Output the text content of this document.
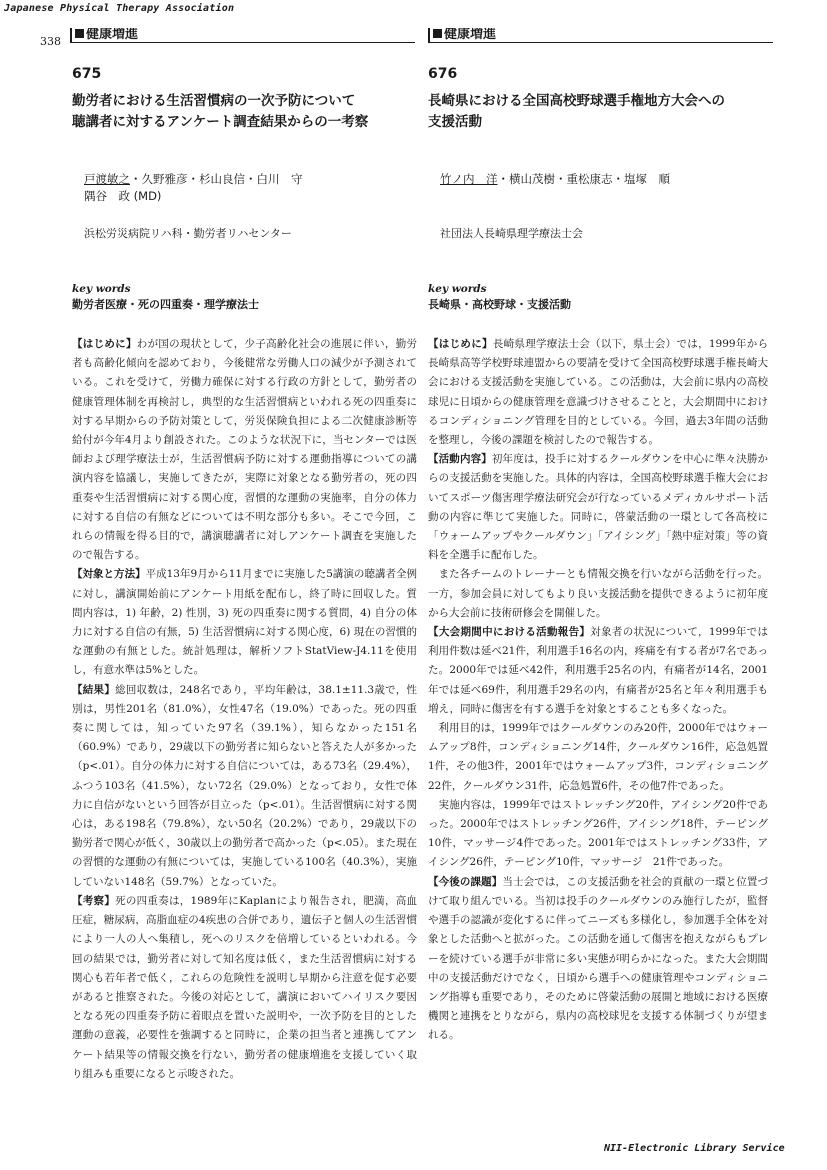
Japanese Physical Therapy Association
338	健康増進	健康増進
675
勤労者における生活習慣病の一次予防について
聴講者に対するアンケート調査結果からの一考察
戸渡敏之・久野雅彦・杉山良信・白川　守
隅谷　政 (MD)
浜松労災病院リハ科・勤労者リハセンター
key words
勤労者医療・死の四重奏・理学療法士

【はじめに】わが国の現状として，少子高齢化社会の進展に伴い，勤労者も高齢化傾向を認めており，今後健常な労働人口の減少が予測されている。これを受けて，労働力確保に対する行政の方針として，勤労者の健康管理体制を再検討し，典型的な生活習慣病といわれる死の四重奏に対する早期からの予防対策として，労災保険負担による二次健康診断等給付が今年4月より創設された。このような状況下に，当センターでは医師および理学療法士が，生活習慣病予防に対する運動指導についての講演内容を協議し，実施してきたが，実際に対象となる勤労者の，死の四重奏や生活習慣病に対する関心度，習慣的な運動の実施率，自分の体力に対する自信の有無などについては不明な部分も多い。そこで今回，これらの情報を得る目的で，講演聴講者に対しアンケート調査を実施したので報告する。

【対象と方法】平成13年9月から11月までに実施した5講演の聴講者全例に対し，講演開始前にアンケート用紙を配布し，終了時に回収した。質問内容は，1) 年齢，2) 性別，3) 死の四重奏に関する質問，4) 自分の体力に対する自信の有無，5) 生活習慣病に対する関心度，6) 現在の習慣的な運動の有無とした。統計処理は，解析ソフトStatView-J4.11を使用し，有意水準は5%とした。

【結果】総回収数は，248名であり，平均年齢は，38.1±11.3歳で，性別は，男性201名（81.0%），女性47名（19.0%）であった。死の四重奏に関しては，知っていた97名（39.1%），知らなかった151名（60.9%）であり，29歳以下の勤労者に知らないと答えた人が多かった（p<.01）。自分の体力に対する自信については，ある73名（29.4%），ふつう103名（41.5%），ない72名（29.0%）となっており，女性で体力に自信がないという回答が目立った（p<.01）。生活習慣病に対する関心は，ある198名（79.8%），ない50名（20.2%）であり，29歳以下の勤労者で関心が低く，30歳以上の勤労者で高かった（p<.05）。また現在の習慣的な運動の有無については，実施している100名（40.3%），実施していない148名（59.7%）となっていた。

【考察】死の四重奏は，1989年にKaplanにより報告され，肥満，高血圧症，糖尿病，高脂血症の4疾患の合併であり，遺伝子と個人の生活習慣により一人の人へ集積し，死へのリスクを倍増しているといわれる。今回の結果では，勤労者に対して知名度は低く，また生活習慣病に対する関心も若年者で低く，これらの危険性を説明し早期から注意を促す必要があると推察された。今後の対応として，講演においてハイリスク要因となる死の四重奏予防に着眼点を置いた説明や，一次予防を目的とした運動の意義，必要性を強調すると同時に，企業の担当者と連携してアンケート結果等の情報交換を行ない，勤労者の健康増進を支援していく取り組みも重要になると示唆された。

676
長崎県における全国高校野球選手権地方大会への
支援活動
竹ノ内　洋・横山茂樹・重松康志・塩塚　順

社団法人長崎県理学療法士会
key words
長崎県・高校野球・支援活動

【はじめに】長崎県理学療法士会（以下，県士会）では，1999年から長崎県高等学校野球連盟からの要請を受けて全国高校野球選手権長崎大会における支援活動を実施している。この活動は，大会前に県内の高校球児に日頃からの健康管理を意識づけさせることと，大会期間中におけるコンディショニング管理を目的としている。今回，過去3年間の活動を整理し，今後の課題を検討したので報告する。

【活動内容】初年度は，投手に対するクールダウンを中心に準々決勝からの支援活動を実施した。具体的内容は，全国高校野球選手権大会においてスポーツ傷害理学療法研究会が行なっているメディカルサポート活動の内容に準じて実施した。同時に，啓蒙活動の一環として各高校に「ウォームアップやクールダウン」「アイシング」「熱中症対策」等の資料を全選手に配布した。

また各チームのトレーナーとも情報交換を行いながら活動を行った。一方，参加会員に対してもより良い支援活動を提供できるように初年度から大会前に技術研修会を開催した。

【大会期間中における活動報告】対象者の状況について，1999年では利用件数は延べ21件，利用選手16名の内，疼痛を有する者が7名であった。2000年では延べ42件，利用選手25名の内，有痛者が14名，2001年では延べ69件，利用選手29名の内，有痛者が25名と年々利用選手も増え，同時に傷害を有する選手を対象とすることも多くなった。

利用目的は，1999年ではクールダウンのみ20件，2000年ではウォームアップ8件，コンディショニング14件，クールダウン16件，応急処置1件，その他3件，2001年ではウォームアップ3件，コンディショニング22件，クールダウン31件，応急処置6件，その他7件であった。

実施内容は，1999年ではストレッチング20件，アイシング20件であった。2000年ではストレッチング26件，アイシング18件，テーピング10件，マッサージ4件であった。2001年ではストレッチング33件，アイシング26件，テーピング10件，マッサージ　21件であった。

【今後の課題】当士会では，この支援活動を社会的貢献の一環と位置づけて取り組んでいる。当初は投手のクールダウンのみ施行したが，監督や選手の認識が変化するに伴ってニーズも多様化し，参加選手全体を対象とした活動へと拡がった。この活動を通して傷害を抱えながらもプレーを続けている選手が非常に多い実態が明らかになった。また大会期間中の支援活動だけでなく，日頃から選手への健康管理やコンディショニング指導も重要であり，そのために啓蒙活動の展開と地域における医療機関と連携をとりながら，県内の高校球児を支援する体制づくりが望まれる。

NII-Electronic Library Service
